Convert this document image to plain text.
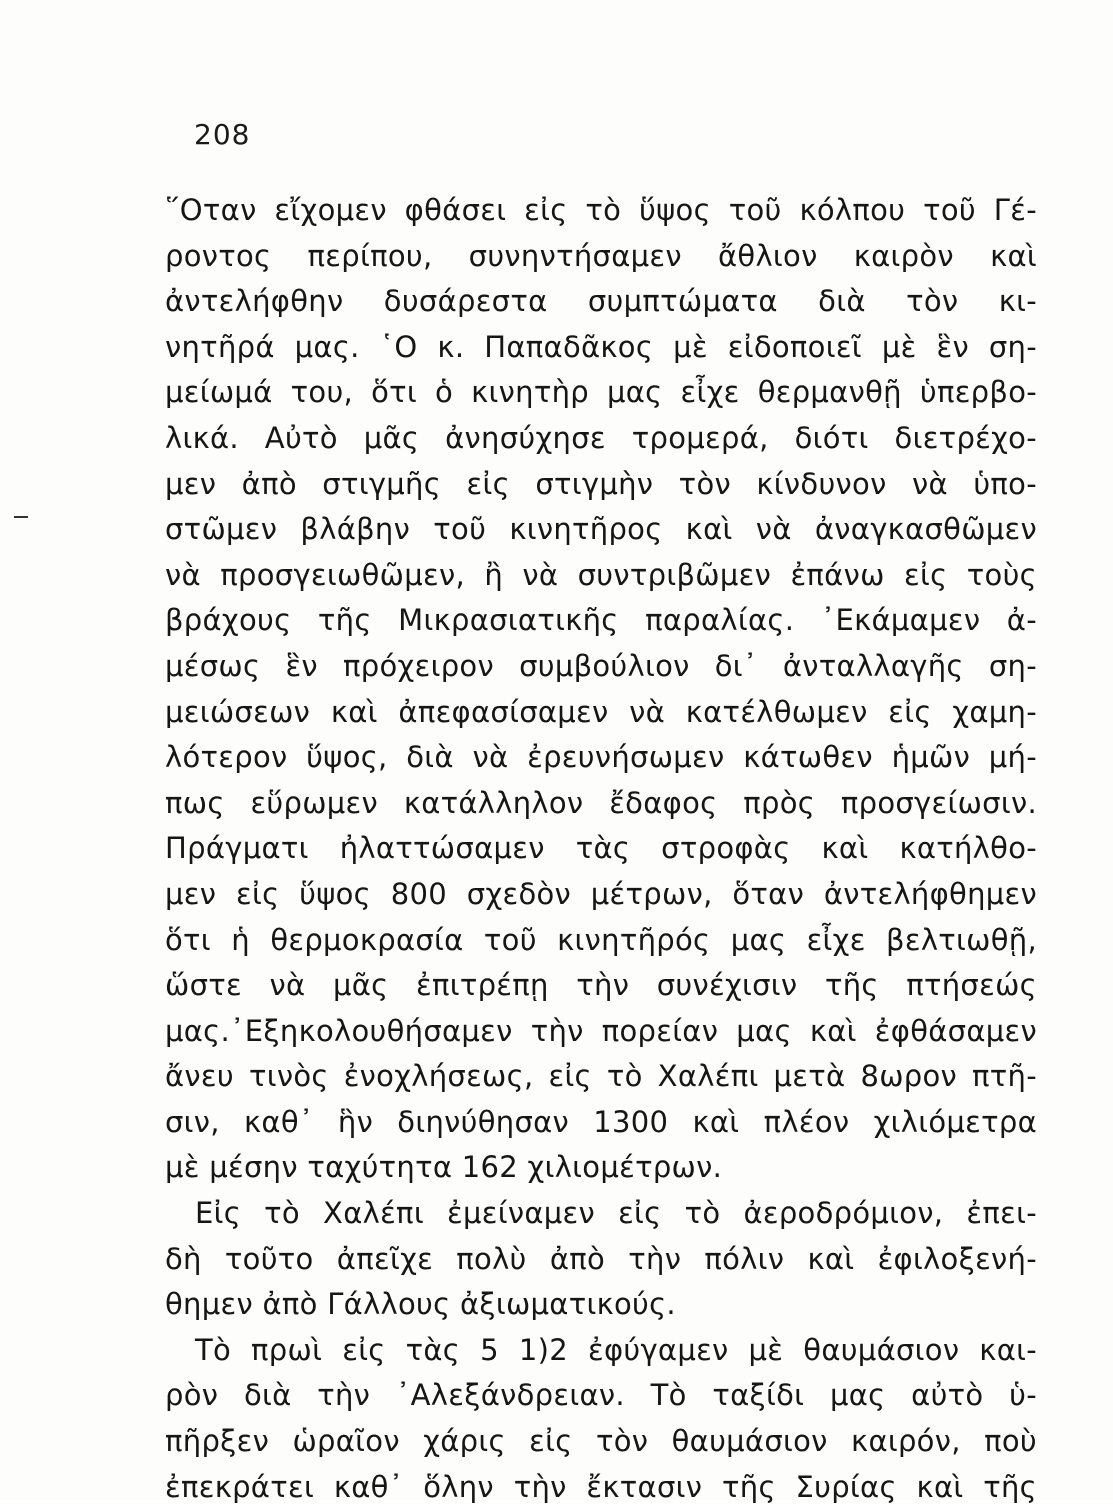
208
῞Οταν εἴχομεν φθάσει εἰς τὸ ὕψος τοῦ κόλπου τοῦ Γέ-
ροντος περίπου, συνηντήσαμεν ἄθλιον καιρὸν καὶ
ἀντελήφθην δυσάρεστα συμπτώματα διὰ τὸν κι-
νητῆρά μας. ῾Ο κ. Παπαδᾶκος μὲ εἰδοποιεῖ μὲ ἓν ση-
μείωμά του, ὅτι ὁ κινητὴρ μας εἶχε θερμανθῇ ὑπερβο-
λικά. Αὐτὸ μᾶς ἀνησύχησε τρομερά, διότι διετρέχο-
μεν ἀπὸ στιγμῆς εἰς στιγμὴν τὸν κίνδυνον νὰ ὑπο-
στῶμεν βλάβην τοῦ κινητῆρος καὶ νὰ ἀναγκασθῶμεν
νὰ προσγειωθῶμεν, ἢ νὰ συντριβῶμεν ἐπάνω εἰς τοὺς
βράχους τῆς Μικρασιατικῆς παραλίας. ᾿Εκάμαμεν ἀ-
μέσως ἓν πρόχειρον συμβούλιον δι᾿ ἀνταλλαγῆς ση-
μειώσεων καὶ ἀπεφασίσαμεν νὰ κατέλθωμεν εἰς χαμη-
λότερον ὕψος, διὰ νὰ ἐρευνήσωμεν κάτωθεν ἡμῶν μή-
πως εὕρωμεν κατάλληλον ἔδαφος πρὸς προσγείωσιν.
Πράγματι ἠλαττώσαμεν τὰς στροφὰς καὶ κατήλθο-
μεν εἰς ὕψος 800 σχεδὸν μέτρων, ὅταν ἀντελήφθημεν
ὅτι ἡ θερμοκρασία τοῦ κινητῆρός μας εἶχε βελτιωθῇ,
ὥστε νὰ μᾶς ἐπιτρέπῃ τὴν συνέχισιν τῆς πτήσεώς
μας.᾿Εξηκολουθήσαμεν τὴν πορείαν μας καὶ ἐφθάσαμεν
ἄνευ τινὸς ἐνοχλήσεως, εἰς τὸ Χαλέπι μετὰ 8ωρον πτῆ-
σιν, καθ᾿ ἣν διηνύθησαν 1300 καὶ πλέον χιλιόμετρα
μὲ μέσην ταχύτητα 162 χιλιομέτρων.
Εἰς τὸ Χαλέπι ἐμείναμεν εἰς τὸ ἀεροδρόμιον, ἐπει-
δὴ τοῦτο ἀπεῖχε πολὺ ἀπὸ τὴν πόλιν καὶ ἐφιλοξενή-
θημεν ἀπὸ Γάλλους ἀξιωματικούς.
Τὸ πρωὶ εἰς τὰς 5 1)2 ἐφύγαμεν μὲ θαυμάσιον και-
ρὸν διὰ τὴν ᾿Αλεξάνδρειαν. Τὸ ταξίδι μας αὐτὸ ὑ-
πῆρξεν ὡραῖον χάρις εἰς τὸν θαυμάσιον καιρόν, ποὺ
ἐπεκράτει καθ᾿ ὅλην τὴν ἔκτασιν τῆς Συρίας καὶ τῆς
